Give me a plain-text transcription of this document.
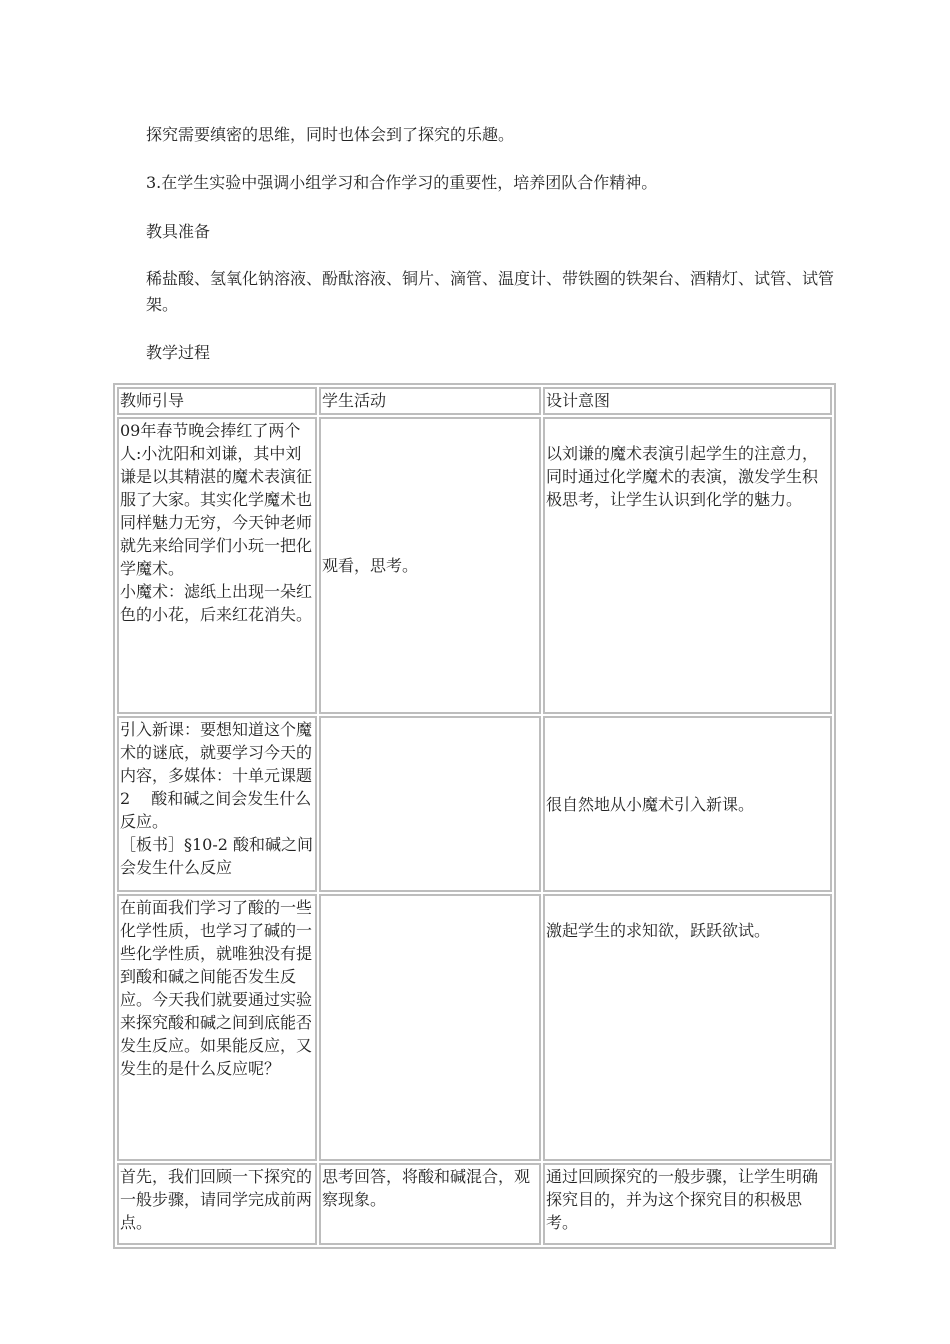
探究需要缜密的思维，同时也体会到了探究的乐趣。

3.在学生实验中强调小组学习和合作学习的重要性，培养团队合作精神。

教具准备

稀盐酸、氢氧化钠溶液、酚酞溶液、铜片、滴管、温度计、带铁圈的铁架台、酒精灯、试管、试管架。

教学过程

教师引导	学生活动	设计意图

09年春节晚会捧红了两个人:小沈阳和刘谦，其中刘谦是以其精湛的魔术表演征服了大家。其实化学魔术也同样魅力无穷，今天钟老师就先来给同学们小玩一把化学魔术。
小魔术：滤纸上出现一朵红色的小花，后来红花消失。	观看，思考。	以刘谦的魔术表演引起学生的注意力，同时通过化学魔术的表演，激发学生积极思考，让学生认识到化学的魅力。

引入新课：要想知道这个魔术的谜底，就要学习今天的内容，多媒体：十单元课题 2　 酸和碱之间会发生什么反应。
［板书］§10-2 酸和碱之间会发生什么反应		很自然地从小魔术引入新课。

在前面我们学习了酸的一些化学性质，也学习了碱的一些化学性质，就唯独没有提到酸和碱之间能否发生反应。今天我们就要通过实验来探究酸和碱之间到底能否发生反应。如果能反应，又发生的是什么反应呢？		激起学生的求知欲，跃跃欲试。

首先，我们回顾一下探究的一般步骤，请同学完成前两点。	思考回答，将酸和碱混合，观察现象。	通过回顾探究的一般步骤，让学生明确探究目的，并为这个探究目的积极思考。
